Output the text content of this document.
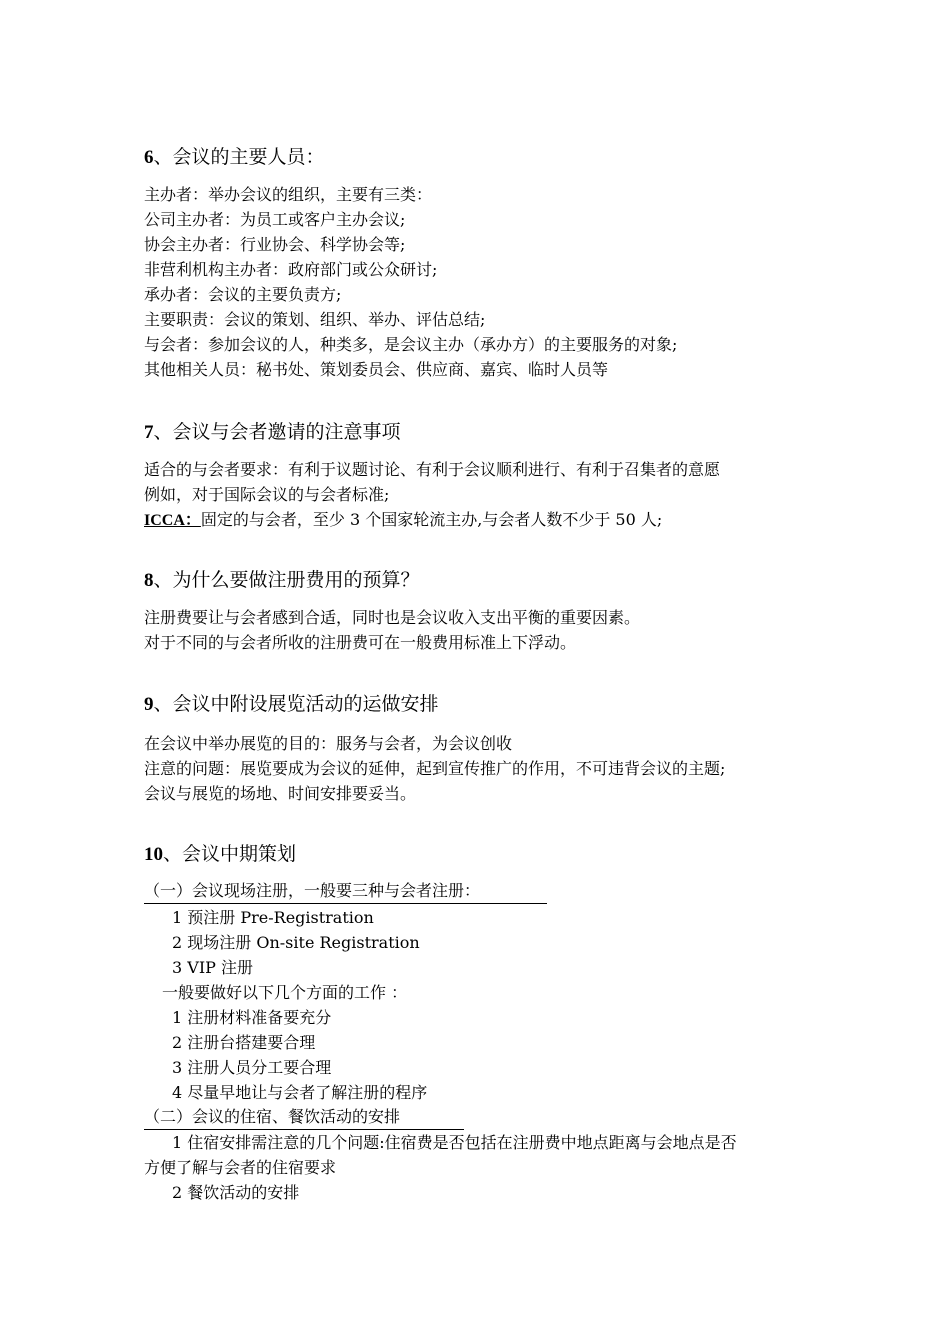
6、会议的主要人员：

主办者：举办会议的组织，主要有三类：

公司主办者：为员工或客户主办会议;

协会主办者：行业协会、科学协会等;

非营利机构主办者：政府部门或公众研讨;

承办者：会议的主要负责方;

主要职责：会议的策划、组织、举办、评估总结;

与会者：参加会议的人，种类多，是会议主办（承办方）的主要服务的对象;

其他相关人员：秘书处、策划委员会、供应商、嘉宾、临时人员等

7、会议与会者邀请的注意事项

适合的与会者要求：有利于议题讨论、有利于会议顺利进行、有利于召集者的意愿

例如，对于国际会议的与会者标准;

ICCA：固定的与会者，至少 3 个国家轮流主办,与会者人数不少于 50 人;

8、为什么要做注册费用的预算？

注册费要让与会者感到合适，同时也是会议收入支出平衡的重要因素。

对于不同的与会者所收的注册费可在一般费用标准上下浮动。

9、会议中附设展览活动的运做安排

在会议中举办展览的目的：服务与会者，为会议创收

注意的问题：展览要成为会议的延伸，起到宣传推广的作用，不可违背会议的主题;

会议与展览的场地、时间安排要妥当。

10、会议中期策划

（一）会议现场注册，一般要三种与会者注册：

1 预注册 Pre-Registration

2 现场注册 On-site Registration

3 VIP 注册

一般要做好以下几个方面的工作 ：

1 注册材料准备要充分

2 注册台搭建要合理

3 注册人员分工要合理

4 尽量早地让与会者了解注册的程序

（二）会议的住宿、餐饮活动的安排

1 住宿安排需注意的几个问题:住宿费是否包括在注册费中地点距离与会地点是否

方便了解与会者的住宿要求

2 餐饮活动的安排
